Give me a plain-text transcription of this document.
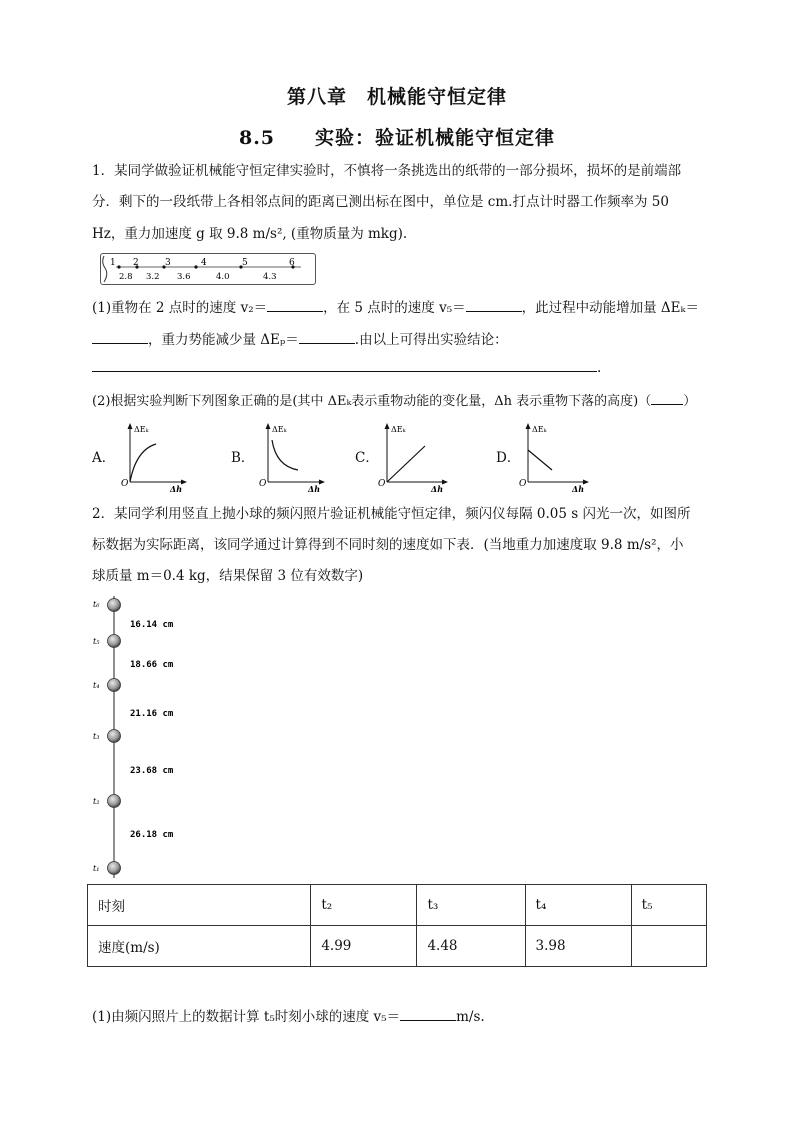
第八章　机械能守恒定律
8.5　　实验：验证机械能守恒定律
1．某同学做验证机械能守恒定律实验时，不慎将一条挑选出的纸带的一部分损坏，损坏的是前端部
分．剩下的一段纸带上各相邻点间的距离已测出标在图中，单位是 cm.打点计时器工作频率为 50
Hz，重力加速度 g 取 9.8 m/s², (重物质量为 mkg).
1 2	3	4	5	6
2.8 3.2 3.6	4.0	4.3
(1)重物在 2 点时的速度 v₂＝	，在 5 点时的速度 v₅＝	，此过程中动能增加量 ΔEₖ＝
，重力势能减少量 ΔEₚ＝	.由以上可得出实验结论：
.
(2)根据实验判断下列图象正确的是(其中 ΔEₖ表示重物动能的变化量，Δh 表示重物下落的高度)（ ）
A．
ΔEₖ
Δh
O
B．
ΔEₖ
Δh
O
C．
ΔEₖ
Δh
O
D．
ΔEₖ
Δh
O
2．某同学利用竖直上抛小球的频闪照片验证机械能守恒定律，频闪仪每隔 0.05 s 闪光一次，如图所
标数据为实际距离，该同学通过计算得到不同时刻的速度如下表．(当地重力加速度取 9.8 m/s²，小
球质量 m＝0.4 kg，结果保留 3 位有效数字)
t₆
t₅
t₄
t₃
t₂
t₁
16.14 cm
18.66 cm
21.16 cm
23.68 cm
26.18 cm
时刻	t₂	t₃	t₄	t₅
速度(m/s)	4.99	4.48	3.98	
(1)由频闪照片上的数据计算 t₅时刻小球的速度 v₅＝	m/s.
